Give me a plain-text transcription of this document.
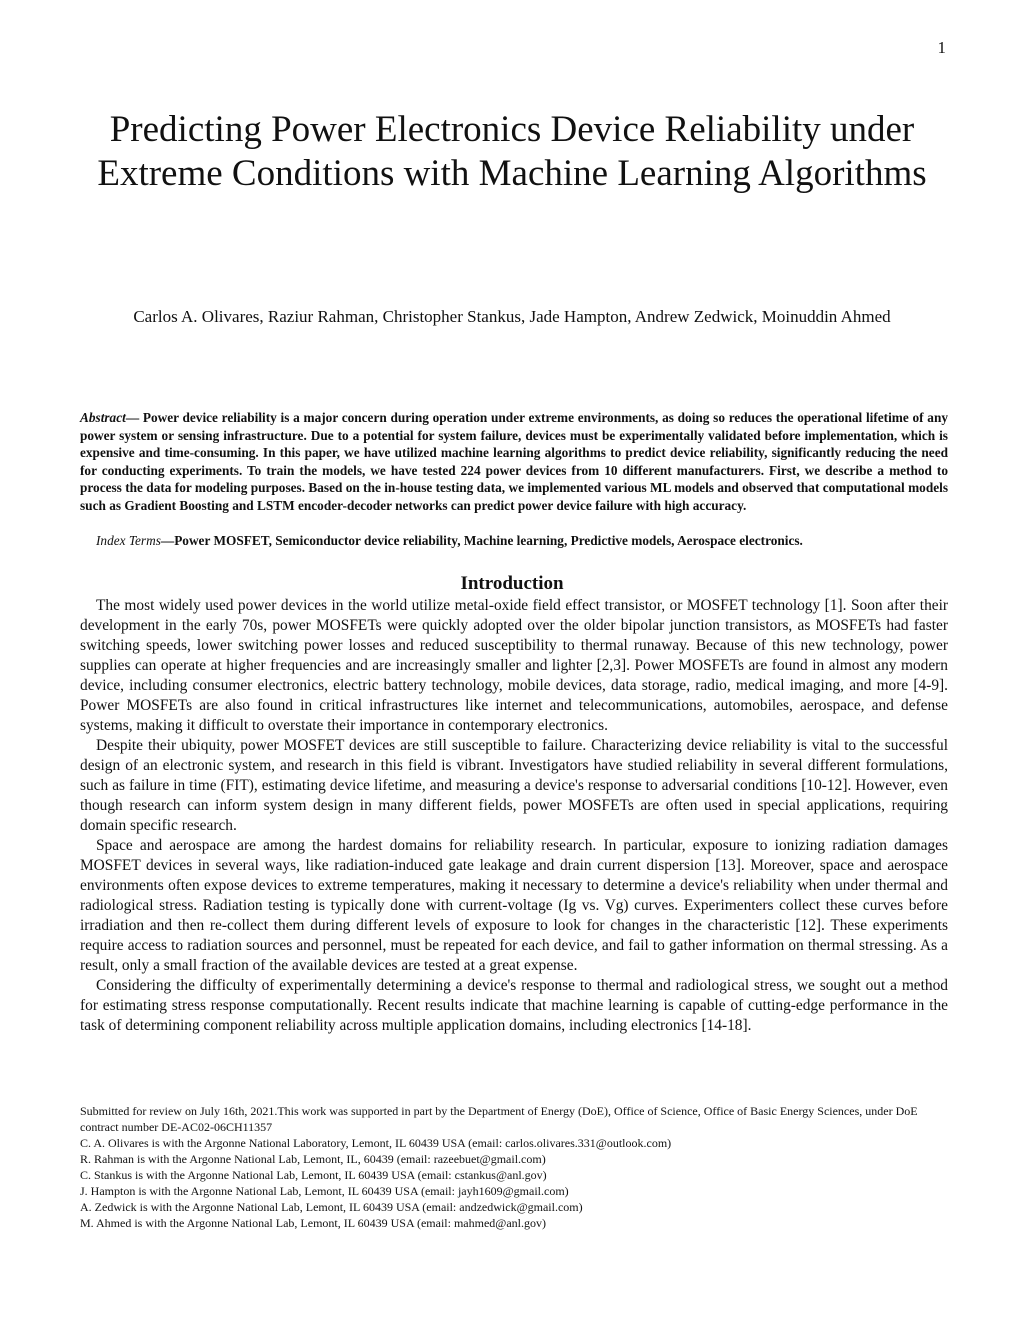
1
Predicting Power Electronics Device Reliability under Extreme Conditions with Machine Learning Algorithms

Carlos A. Olivares, Raziur Rahman, Christopher Stankus, Jade Hampton, Andrew Zedwick, Moinuddin Ahmed

Abstract— Power device reliability is a major concern during operation under extreme environments, as doing so reduces the operational lifetime of any power system or sensing infrastructure. Due to a potential for system failure, devices must be experimentally validated before implementation, which is expensive and time-consuming. In this paper, we have utilized machine learning algorithms to predict device reliability, significantly reducing the need for conducting experiments. To train the models, we have tested 224 power devices from 10 different manufacturers. First, we describe a method to process the data for modeling purposes. Based on the in-house testing data, we implemented various ML models and observed that computational models such as Gradient Boosting and LSTM encoder-decoder networks can predict power device failure with high accuracy.

Index Terms—Power MOSFET, Semiconductor device reliability, Machine learning, Predictive models, Aerospace electronics.

Introduction

The most widely used power devices in the world utilize metal-oxide field effect transistor, or MOSFET technology [1]. Soon after their development in the early 70s, power MOSFETs were quickly adopted over the older bipolar junction transistors, as MOSFETs had faster switching speeds, lower switching power losses and reduced susceptibility to thermal runaway. Because of this new technology, power supplies can operate at higher frequencies and are increasingly smaller and lighter [2,3]. Power MOSFETs are found in almost any modern device, including consumer electronics, electric battery technology, mobile devices, data storage, radio, medical imaging, and more [4-9]. Power MOSFETs are also found in critical infrastructures like internet and telecommunications, automobiles, aerospace, and defense systems, making it difficult to overstate their importance in contemporary electronics.

Despite their ubiquity, power MOSFET devices are still susceptible to failure. Characterizing device reliability is vital to the successful design of an electronic system, and research in this field is vibrant. Investigators have studied reliability in several different formulations, such as failure in time (FIT), estimating device lifetime, and measuring a device's response to adversarial conditions [10-12]. However, even though research can inform system design in many different fields, power MOSFETs are often used in special applications, requiring domain specific research.

Space and aerospace are among the hardest domains for reliability research. In particular, exposure to ionizing radiation damages MOSFET devices in several ways, like radiation-induced gate leakage and drain current dispersion [13]. Moreover, space and aerospace environments often expose devices to extreme temperatures, making it necessary to determine a device's reliability when under thermal and radiological stress. Radiation testing is typically done with current-voltage (Ig vs. Vg) curves. Experimenters collect these curves before irradiation and then re-collect them during different levels of exposure to look for changes in the characteristic [12]. These experiments require access to radiation sources and personnel, must be repeated for each device, and fail to gather information on thermal stressing. As a result, only a small fraction of the available devices are tested at a great expense.

Considering the difficulty of experimentally determining a device's response to thermal and radiological stress, we sought out a method for estimating stress response computationally. Recent results indicate that machine learning is capable of cutting-edge performance in the task of determining component reliability across multiple application domains, including electronics [14-18].

Submitted for review on July 16th, 2021.This work was supported in part by the Department of Energy (DoE), Office of Science, Office of Basic Energy Sciences, under DoE contract number DE-AC02-06CH11357

C. A. Olivares is with the Argonne National Laboratory, Lemont, IL 60439 USA (email: carlos.olivares.331@outlook.com)

R. Rahman is with the Argonne National Lab, Lemont, IL, 60439 (email: razeebuet@gmail.com)

C. Stankus is with the Argonne National Lab, Lemont, IL 60439 USA (email: cstankus@anl.gov)

J. Hampton is with the Argonne National Lab, Lemont, IL 60439 USA (email: jayh1609@gmail.com)

A. Zedwick is with the Argonne National Lab, Lemont, IL 60439 USA (email: andzedwick@gmail.com)

M. Ahmed is with the Argonne National Lab, Lemont, IL 60439 USA (email: mahmed@anl.gov)
